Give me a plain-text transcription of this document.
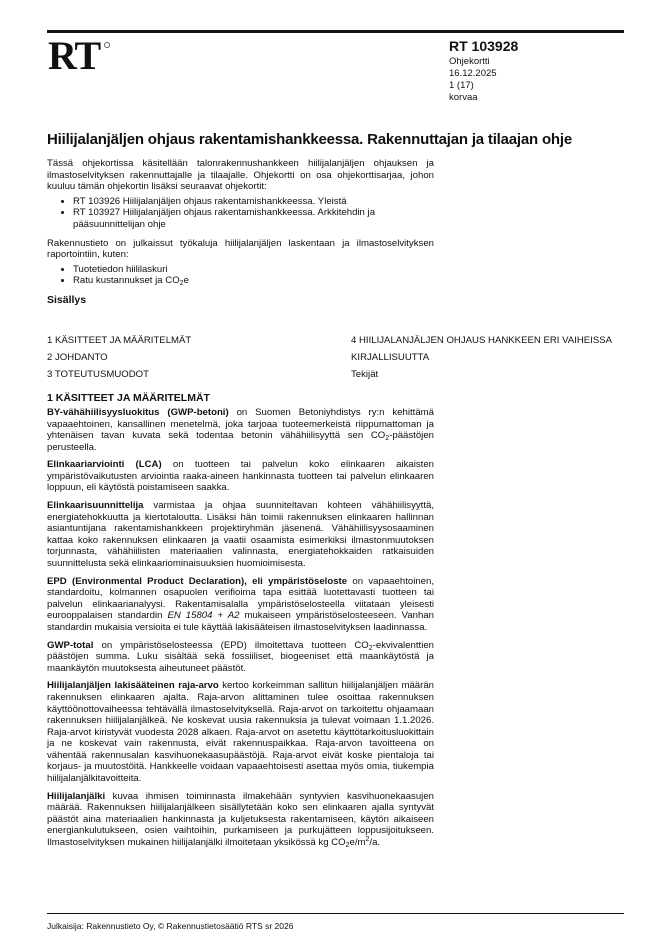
RT	RT 103928
Ohjekortti
16.12.2025
1 (17)
korvaa
Hiilijalanjäljen ohjaus rakentamishankkeessa. Rakennuttajan ja tilaajan ohje

Tässä ohjekortissa käsitellään talonrakennushankkeen hiilijalanjäljen ohjauksen ja ilmastoselvityksen rakennuttajalle ja tilaajalle. Ohjekortti on osa ohjekorttisarjaa, johon kuuluu tämän ohjekortin lisäksi seuraavat ohjekortit:

• RT 103926 Hiilijalanjäljen ohjaus rakentamishankkeessa. Yleistä
• RT 103927 Hiilijalanjäljen ohjaus rakentamishankkeessa. Arkkitehdin ja pääsuunnittelijan ohje

Rakennustieto on julkaissut työkaluja hiilijalanjäljen laskentaan ja ilmastoselvityksen raportointiin, kuten:

• Tuotetiedon hiililaskuri
• Ratu kustannukset ja $CO_2e$
Sisällys
1 KÄSITTEET JA MÄÄRITELMÄT
2 JOHDANTO
3 TOTEUTUSMUODOT
4 HIILIJALANJÄLJEN OHJAUS HANKKEEN ERI VAIHEISSA
KIRJALLISUUTTA
Tekijät
1 KÄSITTEET JA MÄÄRITELMÄT

BY-vähähiilisyysluokitus (GWP-betoni) on Suomen Betoniyhdistys ry:n kehittämä vapaaehtoinen, kansallinen menetelmä, joka tarjoaa tuoteemerkeistä riippumattoman ja yhtenäisen tavan kuvata sekä todentaa betonin vähähiilisyyttä sen $CO_2$-päästöjen perusteella.

Elinkaariarviointi (LCA) on tuotteen tai palvelun koko elinkaaren aikaisten ympäristövaikutusten arviointia raaka-aineen hankinnasta tuotteen tai palvelun elinkaaren loppuun, eli käytöstä poistamiseen saakka.

Elinkaarisuunnittelija varmistaa ja ohjaa suunniteltavan kohteen vähähiilisyyttä, energiatehokkuutta ja kiertotaloutta. Lisäksi hän toimii rakennuksen elinkaaren hallinnan asiantuntijana rakentamishankkeen projektiryhmän jäsenenä. Vähähiilisyysosaaminen kattaa koko rakennuksen elinkaaren ja vaatii osaamista esimerkiksi ilmastonmuutoksen torjunnasta, vähähiilisten materiaalien valinnasta, energiatehokkaiden ratkaisuiden suunnittelusta sekä elinkaariominaisuuksien huomioimisesta.

EPD (Environmental Product Declaration), eli ympäristöseloste on vapaaehtoinen, standardoitu, kolmannen osapuolen verifioima tapa esittää luotettavasti tuotteen tai palvelun elinkaarianalyysi. Rakentamisalalla ympäristöselosteella viitataan yleisesti eurooppalaisen standardin EN 15804 + A2 mukaiseen ympäristöselosteeseen. Vanhan standardin mukaisia versioita ei tule käyttää lakisääteisen ilmastoselvityksen laadinnassa.

GWP-total on ympäristöselosteessa (EPD) ilmoitettava tuotteen $CO_2$-ekvivalenttien päästöjen summa. Luku sisältää sekä fossiiliset, biogeeniset että maankäytöstä ja maankäytön muutoksesta aiheutuneet päästöt.

Hiilijalanjäljen lakisääteinen raja-arvo kertoo korkeimman sallitun hiilijalanjäljen määrän rakennuksen elinkaaren ajalta. Raja-arvon alittaminen tulee osoittaa rakennuksen käyttöönottovaiheessa tehtävällä ilmastoselvityksellä. Raja-arvot on tarkoitettu ohjaamaan rakennuksen hiilijalanjälkeä. Ne koskevat uusia rakennuksia ja tulevat voimaan 1.1.2026. Raja-arvot kiristyvät vuodesta 2028 alkaen. Raja-arvot on asetettu käyttötarkoitusluokittain ja ne koskevat vain rakennusta, eivät rakennuspaikkaa. Raja-arvon tavoitteena on vähentää rakennusalan kasvihuonekaasupäästöjä. Raja-arvot eivät koske pientaloja tai korjaus- ja muutostöitä. Hankkeelle voidaan vapaaehtoisesti asettaa myös omia, tiukempia hiilijalanjälkitavoitteita.

Hiilijalanjälki kuvaa ihmisen toiminnasta ilmakehään syntyvien kasvihuonekaasujen määrää. Rakennuksen hiilijalanjälkeen sisällytetään koko sen elinkaaren ajalla syntyvät päästöt aina materiaalien hankinnasta ja kuljetuksesta rakentamiseen, käytön aikaiseen energiankulutukseen, osien vaihtoihin, purkamiseen ja purkujätteen loppusijoitukseen. Ilmastoselvityksen mukainen hiilijalanjälki ilmoitetaan yksikössä kg $CO_2e/m^2/a$.

Julkaisija: Rakennustieto Oy, © Rakennustietosäätiö RTS sr 2026
